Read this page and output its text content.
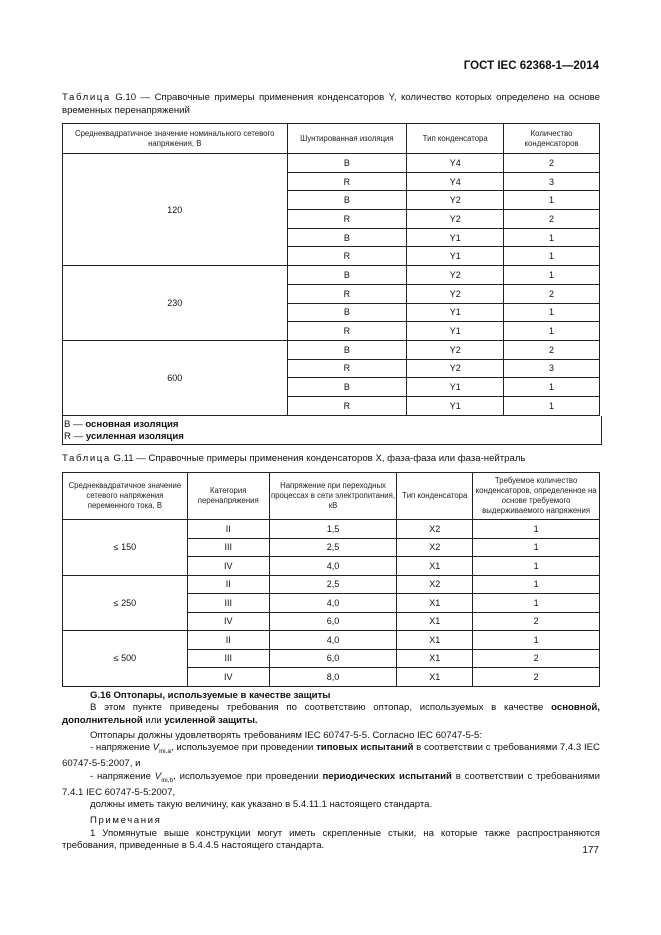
ГОСТ IEC 62368-1—2014
Таблица G.10 — Справочные примеры применения конденсаторов Y, количество которых определено на основе временных перенапряжений
Среднеквадратичное значение номинального сетевого напряжения, В	Шунтированная изоляция	Тип конденсатора	Количество конденсаторов
120	B	Y4	2
	R	Y4	3
	B	Y2	1
	R	Y2	2
	B	Y1	1
	R	Y1	1
230	B	Y2	1
	R	Y2	2
	B	Y1	1
	R	Y1	1
600	B	Y2	2
	R	Y2	3
	B	Y1	1
	R	Y1	1
B — основная изоляция
R — усиленная изоляция
Таблица G.11 — Справочные примеры применения конденсаторов X, фаза-фаза или фаза-нейтраль
Среднеквадратичное значение сетевого напряжения переменного тока, В	Категория перенапряжения	Напряжение при переходных процессах в сети электропитания, кВ	Тип конденсатора	Требуемое количество конденсаторов, определенное на основе требуемого выдерживаемого напряжения
≤ 150	II	1,5	X2	1
	III	2,5	X2	1
	IV	4,0	X1	1
≤ 250	II	2,5	X2	1
	III	4,0	X1	1
	IV	6,0	X1	2
≤ 500	II	4,0	X1	1
	III	6,0	X1	2
	IV	8,0	X1	2

G.16 Оптопары, используемые в качестве защиты

В этом пункте приведены требования по соответствию оптопар, используемых в качестве основной, дополнительной или усиленной защиты.

Оптопары должны удовлетворять требованиям IEC 60747-5-5. Согласно IEC 60747-5-5:

- напряжение $V_{ini,a}$, используемое при проведении типовых испытаний в соответствии с требованиями 7.4.3 IEC 60747-5-5:2007, и

- напряжение $V_{ini,b}$, используемое при проведении периодических испытаний в соответствии с требованиями 7.4.1 IEC 60747-5-5:2007,

должны иметь такую величину, как указано в 5.4.11.1 настоящего стандарта.

Примечания

1 Упомянутые выше конструкции могут иметь скрепленные стыки, на которые также распространяются требования, приведенные в 5.4.4.5 настоящего стандарта.	177
